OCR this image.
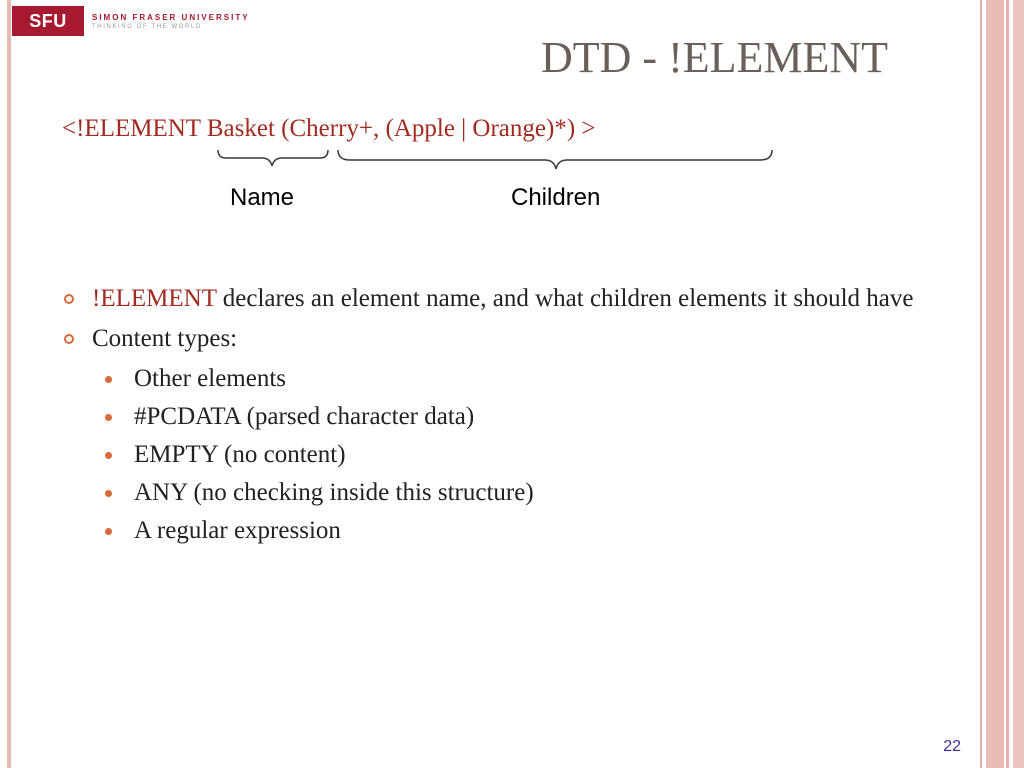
SFU	SIMON FRASER UNIVERSITY
THINKING OF THE WORLD
DTD - !ELEMENT
<!ELEMENT Basket (Cherry+, (Apple | Orange)*) >
Name	Children
!ELEMENT declares an element name, and what children elements it should have
Content types:
Other elements
#PCDATA (parsed character data)
EMPTY (no content)
ANY (no checking inside this structure)
A regular expression
22
